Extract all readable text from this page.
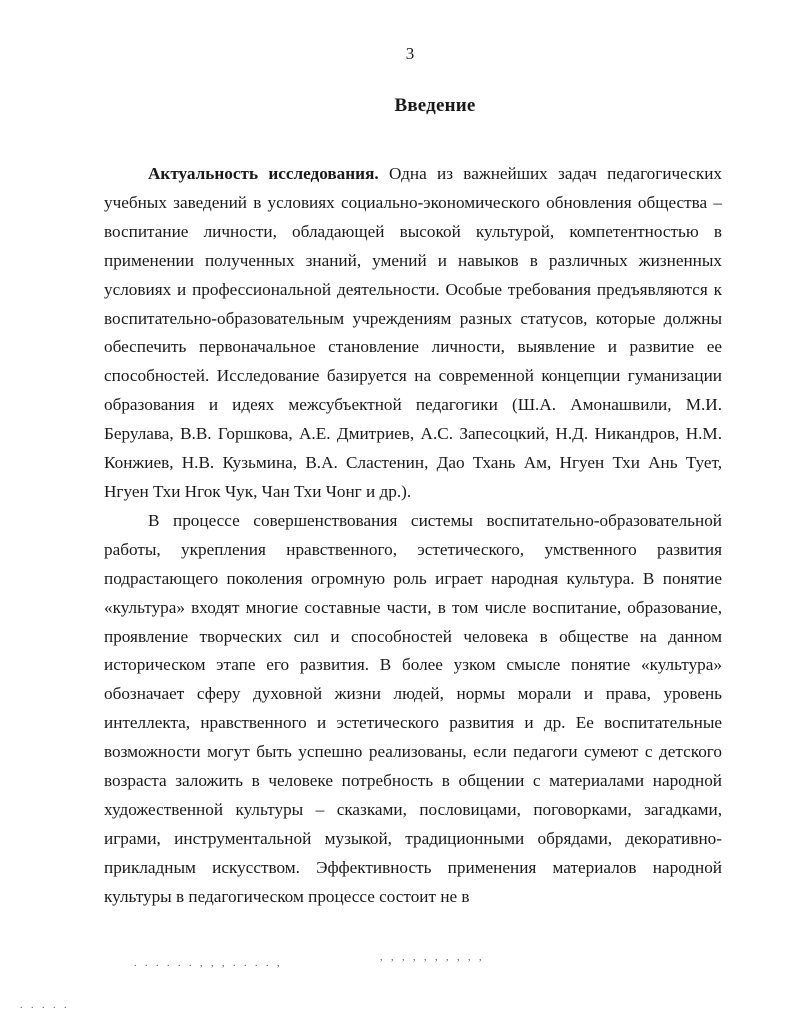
3
Введение

Актуальность исследования. Одна из важнейших задач педагогических учебных заведений в условиях социально-экономического обновления общества – воспитание личности, обладающей высокой культурой, компетентностью в применении полученных знаний, умений и навыков в различных жизненных условиях и профессиональной деятельности. Особые требования предъявляются к воспитательно-образовательным учреждениям разных статусов, которые должны обеспечить первоначальное становление личности, выявление и развитие ее способностей. Исследование базируется на современной концепции гуманизации образования и идеях межсубъектной педагогики (Ш.А. Амонашвили, М.И. Берулава, В.В. Горшкова, А.Е. Дмитриев, А.С. Запесоцкий, Н.Д. Никандров, Н.М. Конжиев, Н.В. Кузьмина, В.А. Сластенин, Дао Тхань Ам, Нгуен Тхи Ань Тует, Нгуен Тхи Нгок Чук, Чан Тхи Чонг и др.).

В процессе совершенствования системы воспитательно-образовательной работы, укрепления нравственного, эстетического, умственного развития подрастающего поколения огромную роль играет народная культура. В понятие «культура» входят многие составные части, в том числе воспитание, образование, проявление творческих сил и способностей человека в обществе на данном историческом этапе его развития. В более узком смысле понятие «культура» обозначает сферу духовной жизни людей, нормы морали и права, уровень интеллекта, нравственного и эстетического развития и др. Ее воспитательные возможности могут быть успешно реализованы, если педагоги сумеют с детского возраста заложить в человеке потребность в общении с материалами народной художественной культуры – сказками, пословицами, поговорками, загадками, играми, инструментальной музыкой, традиционными обрядами, декоративно-прикладным искусством. Эффективность применения материалов народной культуры в педагогическом процессе состоит не в

. . . . . . , , , . . . . ,
, , , , , , , , , ,
. . . . .
